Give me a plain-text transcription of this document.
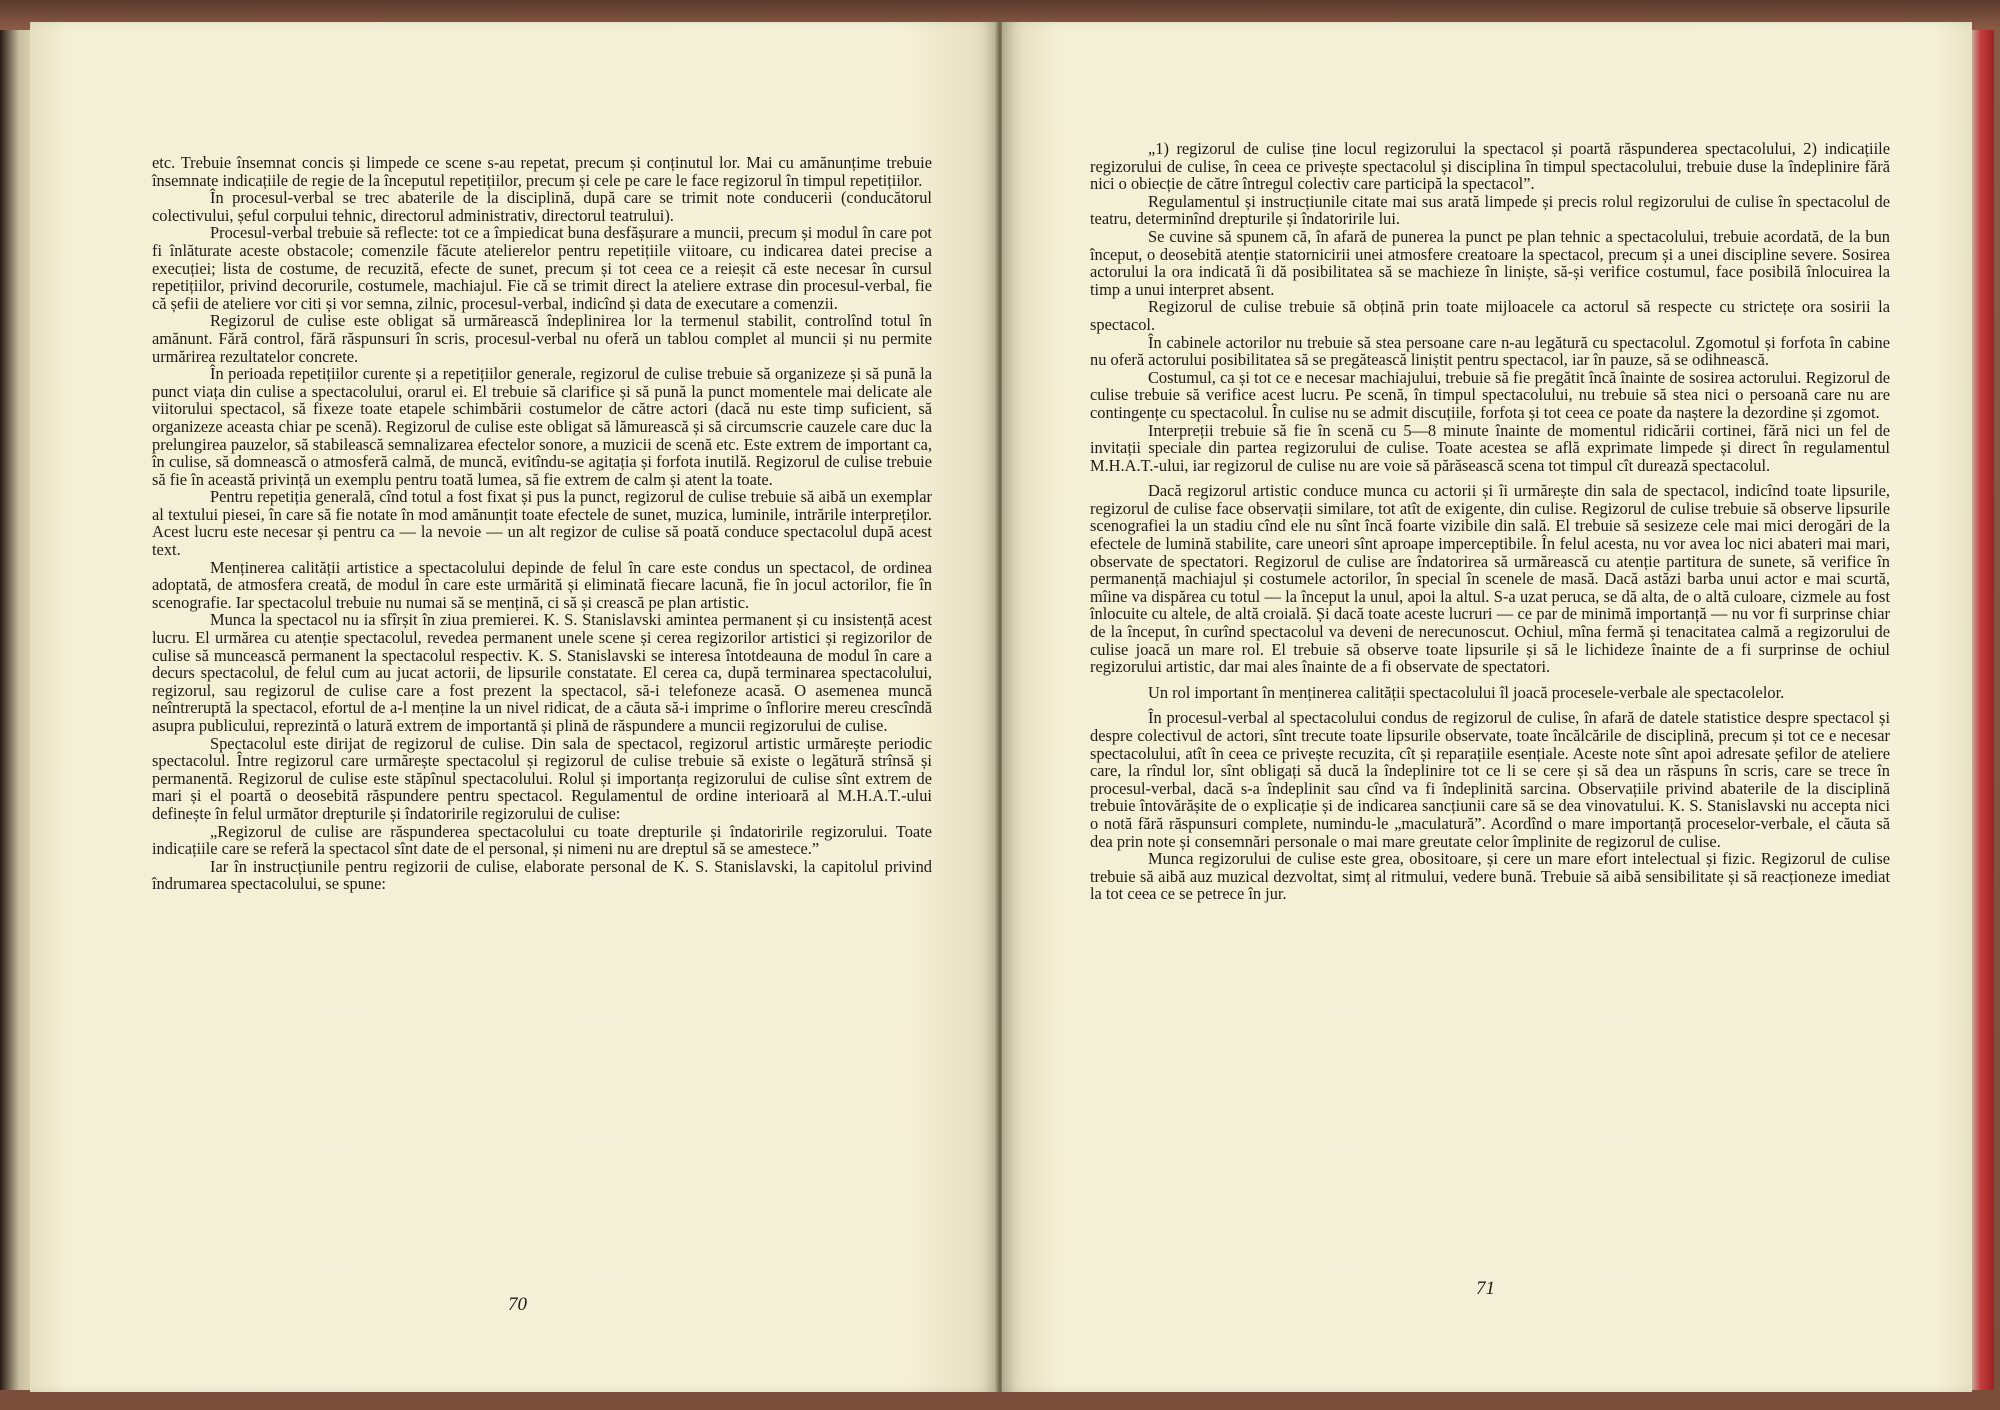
etc. Trebuie însemnat concis și limpede ce scene s-au repetat, precum și conținutul lor. Mai cu amănunțime trebuie însemnate indicațiile de regie de la începutul repetițiilor, precum și cele pe care le face regizorul în timpul repetițiilor.

În procesul-verbal se trec abaterile de la disciplină, după care se trimit note conducerii (conducătorul colectivului, șeful corpului tehnic, directorul administrativ, directorul teatrului).

Procesul-verbal trebuie să reflecte: tot ce a împiedicat buna desfășurare a muncii, precum și modul în care pot fi înlăturate aceste obstacole; comenzile făcute atelierelor pentru repetițiile viitoare, cu indicarea datei precise a execuției; lista de costume, de recuzită, efecte de sunet, precum și tot ceea ce a reieșit că este necesar în cursul repetițiilor, privind decorurile, costumele, machiajul. Fie că se trimit direct la ateliere extrase din procesul-verbal, fie că șefii de ateliere vor citi și vor semna, zilnic, procesul-verbal, indicînd și data de executare a comenzii.

Regizorul de culise este obligat să urmărească îndeplinirea lor la termenul stabilit, controlînd totul în amănunt. Fără control, fără răspunsuri în scris, procesul-verbal nu oferă un tablou complet al muncii și nu permite urmărirea rezultatelor concrete.

În perioada repetițiilor curente și a repetițiilor generale, regizorul de culise trebuie să organizeze și să pună la punct viața din culise a spectacolului, orarul ei. El trebuie să clarifice și să pună la punct momentele mai delicate ale viitorului spectacol, să fixeze toate etapele schimbării costumelor de către actori (dacă nu este timp suficient, să organizeze aceasta chiar pe scenă). Regizorul de culise este obligat să lămurească și să circumscrie cauzele care duc la prelungirea pauzelor, să stabilească semnalizarea efectelor sonore, a muzicii de scenă etc. Este extrem de important ca, în culise, să domnească o atmosferă calmă, de muncă, evitîndu-se agitația și forfota inutilă. Regizorul de culise trebuie să fie în această privință un exemplu pentru toată lumea, să fie extrem de calm și atent la toate.

Pentru repetiția generală, cînd totul a fost fixat și pus la punct, regizorul de culise trebuie să aibă un exemplar al textului piesei, în care să fie notate în mod amănunțit toate efectele de sunet, muzica, luminile, intrările interpreților. Acest lucru este necesar și pentru ca — la nevoie — un alt regizor de culise să poată conduce spectacolul după acest text.

Menținerea calității artistice a spectacolului depinde de felul în care este condus un spectacol, de ordinea adoptată, de atmosfera creată, de modul în care este urmărită și eliminată fiecare lacună, fie în jocul actorilor, fie în scenografie. Iar spectacolul trebuie nu numai să se mențină, ci să și crească pe plan artistic.

Munca la spectacol nu ia sfîrșit în ziua premierei. K. S. Stanislavski amintea permanent și cu insistență acest lucru. El urmărea cu atenție spectacolul, revedea permanent unele scene și cerea regizorilor artistici și regizorilor de culise să muncească permanent la spectacolul respectiv. K. S. Stanislavski se interesa întotdeauna de modul în care a decurs spectacolul, de felul cum au jucat actorii, de lipsurile constatate. El cerea ca, după terminarea spectacolului, regizorul, sau regizorul de culise care a fost prezent la spectacol, să-i telefoneze acasă. O asemenea muncă neîntreruptă la spectacol, efortul de a-l menține la un nivel ridicat, de a căuta să-i imprime o înflorire mereu crescîndă asupra publicului, reprezintă o latură extrem de importantă și plină de răspundere a muncii regizorului de culise.

Spectacolul este dirijat de regizorul de culise. Din sala de spectacol, regizorul artistic urmărește periodic spectacolul. Între regizorul care urmărește spectacolul și regizorul de culise trebuie să existe o legătură strînsă și permanentă. Regizorul de culise este stăpînul spectacolului. Rolul și importanța regizorului de culise sînt extrem de mari și el poartă o deosebită răspundere pentru spectacol. Regulamentul de ordine interioară al M.H.A.T.-ului definește în felul următor drepturile și îndatoririle regizorului de culise:

„Regizorul de culise are răspunderea spectacolului cu toate drepturile și îndatoririle regizorului. Toate indicațiile care se referă la spectacol sînt date de el personal, și nimeni nu are dreptul să se amestece.”

Iar în instrucțiunile pentru regizorii de culise, elaborate personal de K. S. Stanislavski, la capitolul privind îndrumarea spectacolului, se spune:

70

„1) regizorul de culise ține locul regizorului la spectacol și poartă răspunderea spectacolului, 2) indicațiile regizorului de culise, în ceea ce privește spectacolul și disciplina în timpul spectacolului, trebuie duse la îndeplinire fără nici o obiecție de către întregul colectiv care participă la spectacol”.

Regulamentul și instrucțiunile citate mai sus arată limpede și precis rolul regizorului de culise în spectacolul de teatru, determinînd drepturile și îndatoririle lui.

Se cuvine să spunem că, în afară de punerea la punct pe plan tehnic a spectacolului, trebuie acordată, de la bun început, o deosebită atenție statornicirii unei atmosfere creatoare la spectacol, precum și a unei discipline severe. Sosirea actorului la ora indicată îi dă posibilitatea să se machieze în liniște, să-și verifice costumul, face posibilă înlocuirea la timp a unui interpret absent.

Regizorul de culise trebuie să obțină prin toate mijloacele ca actorul să respecte cu strictețe ora sosirii la spectacol.

În cabinele actorilor nu trebuie să stea persoane care n-au legătură cu spectacolul. Zgomotul și forfota în cabine nu oferă actorului posibilitatea să se pregătească liniștit pentru spectacol, iar în pauze, să se odihnească.

Costumul, ca și tot ce e necesar machiajului, trebuie să fie pregătit încă înainte de sosirea actorului. Regizorul de culise trebuie să verifice acest lucru. Pe scenă, în timpul spectacolului, nu trebuie să stea nici o persoană care nu are contingențe cu spectacolul. În culise nu se admit discuțiile, forfota și tot ceea ce poate da naștere la dezordine și zgomot.

Interpreții trebuie să fie în scenă cu 5—8 minute înainte de momentul ridicării cortinei, fără nici un fel de invitații speciale din partea regizorului de culise. Toate acestea se află exprimate limpede și direct în regulamentul M.H.A.T.-ului, iar regizorul de culise nu are voie să părăsească scena tot timpul cît durează spectacolul.

Dacă regizorul artistic conduce munca cu actorii și îi urmărește din sala de spectacol, indicînd toate lipsurile, regizorul de culise face observații similare, tot atît de exigente, din culise. Regizorul de culise trebuie să observe lipsurile scenografiei la un stadiu cînd ele nu sînt încă foarte vizibile din sală. El trebuie să sesizeze cele mai mici derogări de la efectele de lumină stabilite, care uneori sînt aproape imperceptibile. În felul acesta, nu vor avea loc nici abateri mai mari, observate de spectatori. Regizorul de culise are îndatorirea să urmărească cu atenție partitura de sunete, să verifice în permanență machiajul și costumele actorilor, în special în scenele de masă. Dacă astăzi barba unui actor e mai scurtă, mîine va dispărea cu totul — la început la unul, apoi la altul. S-a uzat peruca, se dă alta, de o altă culoare, cizmele au fost înlocuite cu altele, de altă croială. Și dacă toate aceste lucruri — ce par de minimă importanță — nu vor fi surprinse chiar de la început, în curînd spectacolul va deveni de nerecunoscut. Ochiul, mîna fermă și tenacitatea calmă a regizorului de culise joacă un mare rol. El trebuie să observe toate lipsurile și să le lichideze înainte de a fi surprinse de ochiul regizorului artistic, dar mai ales înainte de a fi observate de spectatori.

Un rol important în menținerea calității spectacolului îl joacă procesele-verbale ale spectacolelor.

În procesul-verbal al spectacolului condus de regizorul de culise, în afară de datele statistice despre spectacol și despre colectivul de actori, sînt trecute toate lipsurile observate, toate încălcările de disciplină, precum și tot ce e necesar spectacolului, atît în ceea ce privește recuzita, cît și reparațiile esențiale. Aceste note sînt apoi adresate șefilor de ateliere care, la rîndul lor, sînt obligați să ducă la îndeplinire tot ce li se cere și să dea un răspuns în scris, care se trece în procesul-verbal, dacă s-a îndeplinit sau cînd va fi îndeplinită sarcina. Observațiile privind abaterile de la disciplină trebuie întovărășite de o explicație și de indicarea sancțiunii care să se dea vinovatului. K. S. Stanislavski nu accepta nici o notă fără răspunsuri complete, numindu-le „maculatură”. Acordînd o mare importanță proceselor-verbale, el căuta să dea prin note și consemnări personale o mai mare greutate celor împlinite de regizorul de culise.

Munca regizorului de culise este grea, obositoare, și cere un mare efort intelectual și fizic. Regizorul de culise trebuie să aibă auz muzical dezvoltat, simț al ritmului, vedere bună. Trebuie să aibă sensibilitate și să reacționeze imediat la tot ceea ce se petrece în jur.

71
